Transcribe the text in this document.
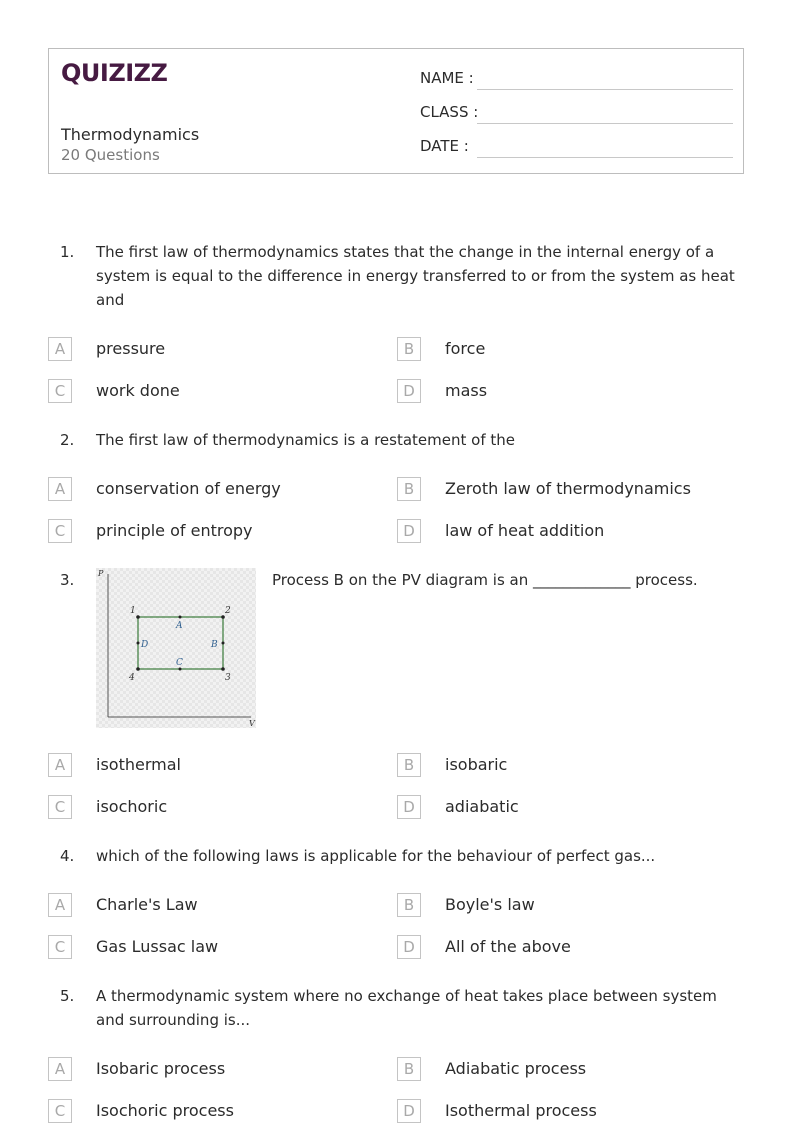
QUIZIZZ
Thermodynamics
20 Questions
NAME :
CLASS :
DATE :
1. The first law of thermodynamics states that the change in the internal energy of a system is equal to the difference in energy transferred to or from the system as heat and
A	pressure	B	force
C	work done	D	mass
2. The first law of thermodynamics is a restatement of the
A	conservation of energy	B	Zeroth law of thermodynamics
C	principle of entropy	D	law of heat addition
3.	P
V
1	2
3
4
A
B
C
D
Process B on the PV diagram is an _____________ process.
A	isothermal	B	isobaric
C	isochoric	D	adiabatic
4. which of the following laws is applicable for the behaviour of perfect gas...
A	Charle's Law	B	Boyle's law
C	Gas Lussac law	D	All of the above
5. A thermodynamic system where no exchange of heat takes place between system and surrounding is...
A	Isobaric process	B	Adiabatic process
C	Isochoric process	D	Isothermal process
